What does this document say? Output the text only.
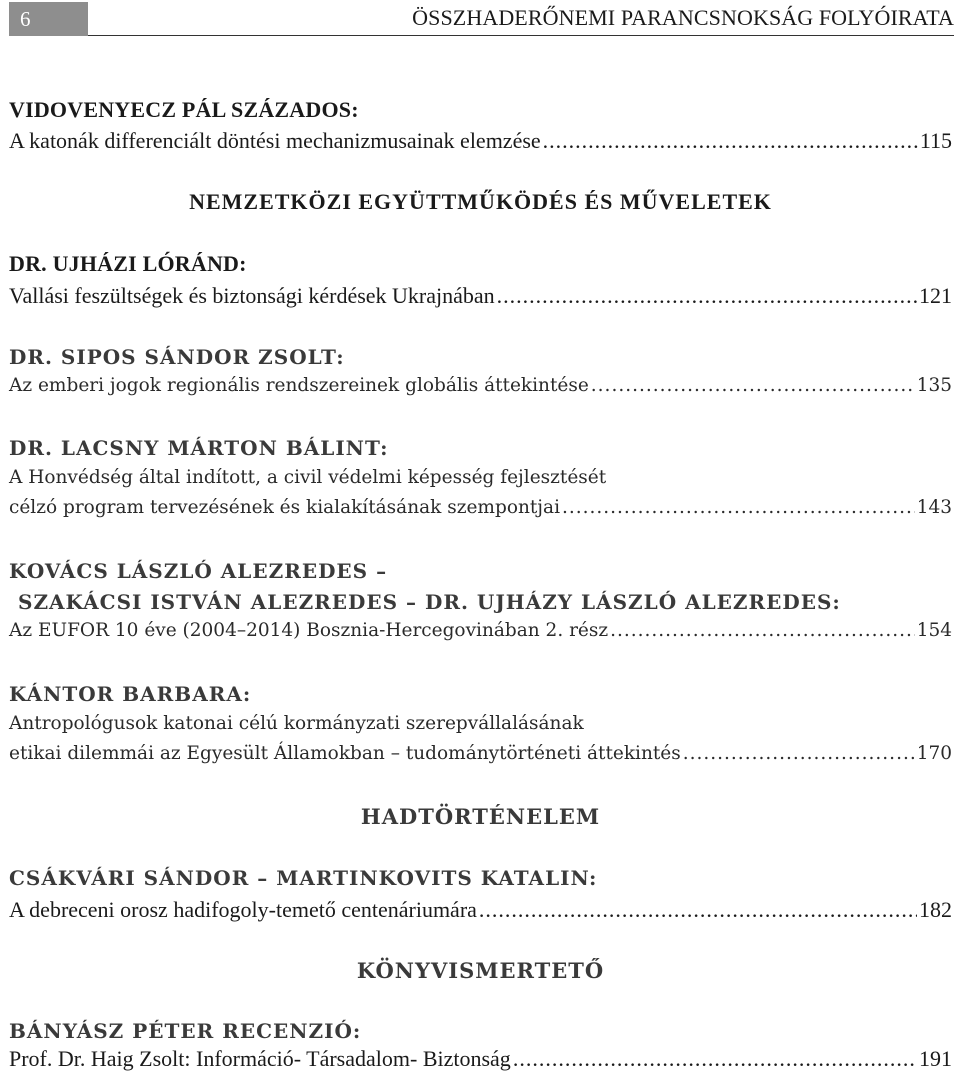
6	ÖSSZHADERŐNEMI PARANCSNOKSÁG FOLYÓIRATA
VIDOVENYECZ PÁL SZÁZADOS:
A katonák differenciált döntési mechanizmusainak elemzése .....	115
NEMZETKÖZI EGYÜTTMŰKÖDÉS ÉS MŰVELETEK
DR. UJHÁZI LÓRÁND:
Vallási feszültségek és biztonsági kérdések Ukrajnában .....	121
DR. SIPOS SÁNDOR ZSOLT:
Az emberi jogok regionális rendszereinek globális áttekintése .....	135
DR. LACSNY MÁRTON BÁLINT:
A Honvédség által indított, a civil védelmi képesség fejlesztését
célzó program tervezésének és kialakításának szempontjai .....	143
KOVÁCS LÁSZLÓ ALEZREDES –
SZAKÁCSI ISTVÁN ALEZREDES – DR. UJHÁZY LÁSZLÓ ALEZREDES:
Az EUFOR 10 éve (2004–2014) Bosznia-Hercegovinában 2. rész .....	154
KÁNTOR BARBARA:
Antropológusok katonai célú kormányzati szerepvállalásának
etikai dilemmái az Egyesült Államokban – tudománytörténeti áttekintés .....	170
HADTÖRTÉNELEM
CSÁKVÁRI SÁNDOR – MARTINKOVITS KATALIN:
A debreceni orosz hadifogoly-temető centenáriumára .....	182
KÖNYVISMERTETŐ
BÁNYÁSZ PÉTER RECENZIÓ:
Prof. Dr. Haig Zsolt: Információ- Társadalom- Biztonság .....	191
